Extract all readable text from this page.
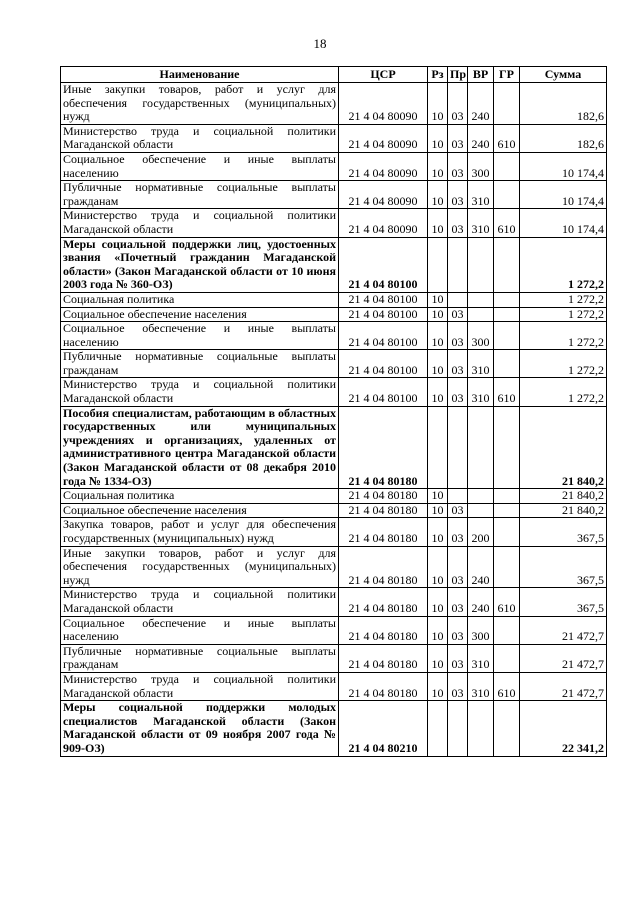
18
Наименование	ЦСР	Рз	Пр	ВР	ГР	Сумма
Иные закупки товаров, работ и услуг для обеспечения государственных (муниципальных) нужд	21 4 04 80090	10	03	240		182,6
Министерство труда и социальной политики Магаданской области	21 4 04 80090	10	03	240	610	182,6
Социальное обеспечение и иные выплаты населению	21 4 04 80090	10	03	300		10 174,4
Публичные нормативные социальные выплаты гражданам	21 4 04 80090	10	03	310		10 174,4
Министерство труда и социальной политики Магаданской области	21 4 04 80090	10	03	310	610	10 174,4
Меры социальной поддержки лиц, удостоенных звания «Почетный гражданин Магаданской области» (Закон Магаданской области от 10 июня 2003 года № 360-ОЗ)	21 4 04 80100					1 272,2
Социальная политика	21 4 04 80100	10				1 272,2
Социальное обеспечение населения	21 4 04 80100	10	03			1 272,2
Социальное обеспечение и иные выплаты населению	21 4 04 80100	10	03	300		1 272,2
Публичные нормативные социальные выплаты гражданам	21 4 04 80100	10	03	310		1 272,2
Министерство труда и социальной политики Магаданской области	21 4 04 80100	10	03	310	610	1 272,2
Пособия специалистам, работающим в областных государственных или муниципальных учреждениях и организациях, удаленных от административного центра Магаданской области (Закон Магаданской области от 08 декабря 2010 года № 1334-ОЗ)	21 4 04 80180					21 840,2
Социальная политика	21 4 04 80180	10				21 840,2
Социальное обеспечение населения	21 4 04 80180	10	03			21 840,2
Закупка товаров, работ и услуг для обеспечения государственных (муниципальных) нужд	21 4 04 80180	10	03	200		367,5
Иные закупки товаров, работ и услуг для обеспечения государственных (муниципальных) нужд	21 4 04 80180	10	03	240		367,5
Министерство труда и социальной политики Магаданской области	21 4 04 80180	10	03	240	610	367,5
Социальное обеспечение и иные выплаты населению	21 4 04 80180	10	03	300		21 472,7
Публичные нормативные социальные выплаты гражданам	21 4 04 80180	10	03	310		21 472,7
Министерство труда и социальной политики Магаданской области	21 4 04 80180	10	03	310	610	21 472,7
Меры социальной поддержки молодых специалистов Магаданской области (Закон Магаданской области от 09 ноября 2007 года № 909-ОЗ)	21 4 04 80210					22 341,2
